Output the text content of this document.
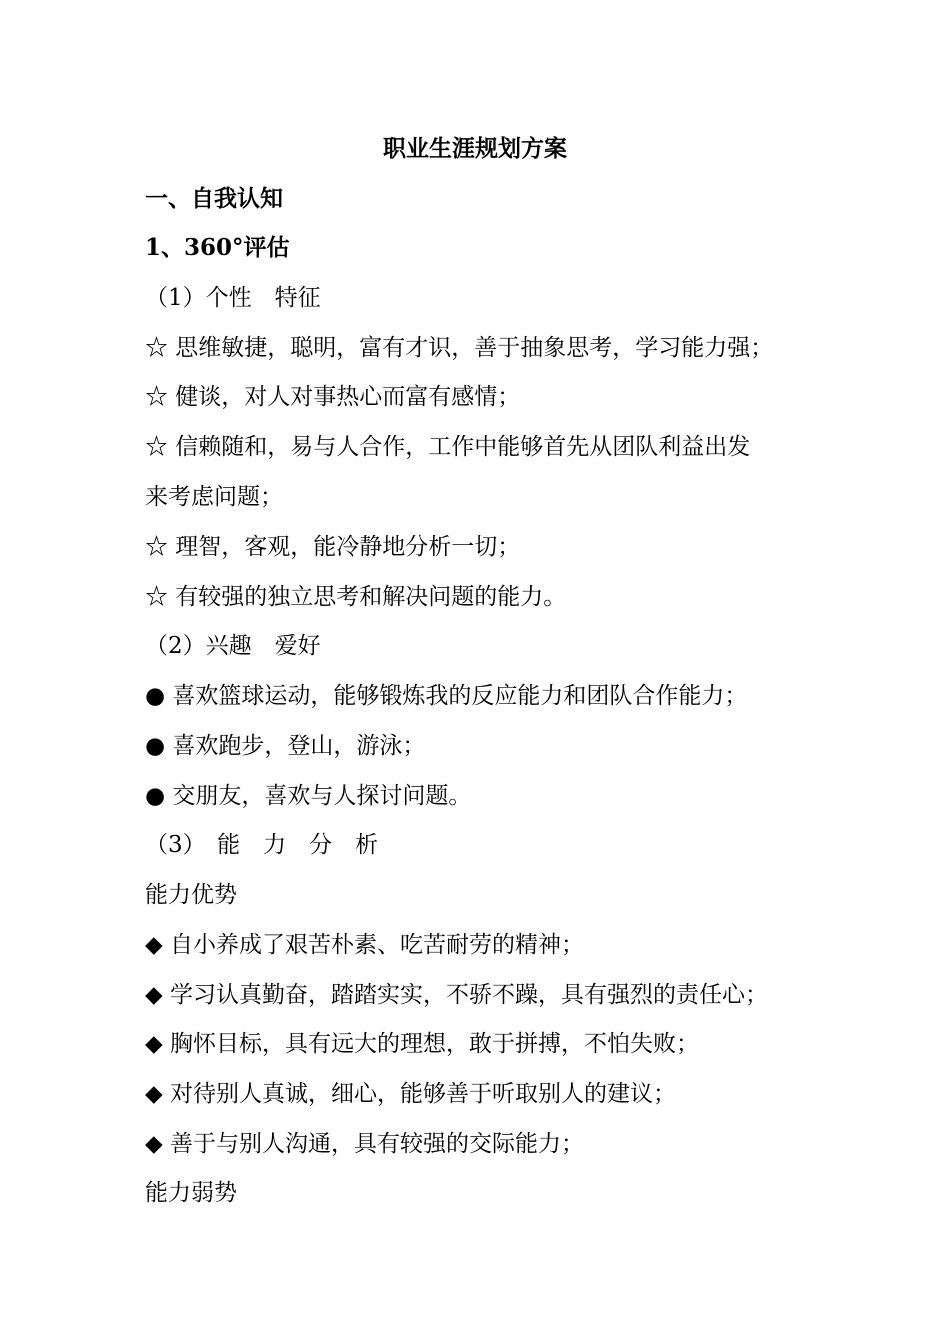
职业生涯规划方案
一、自我认知
1、360°评估
（1）个性　特征
☆ 思维敏捷，聪明，富有才识，善于抽象思考，学习能力强；
☆ 健谈，对人对事热心而富有感情；
☆ 信赖随和，易与人合作，工作中能够首先从团队利益出发
来考虑问题；
☆ 理智，客观，能冷静地分析一切；
☆ 有较强的独立思考和解决问题的能力。
（2）兴趣　爱好
● 喜欢篮球运动，能够锻炼我的反应能力和团队合作能力；
● 喜欢跑步，登山，游泳；
● 交朋友，喜欢与人探讨问题。
（3）　能　力　分　析
能力优势
◆ 自小养成了艰苦朴素、吃苦耐劳的精神；
◆ 学习认真勤奋，踏踏实实，不骄不躁，具有强烈的责任心；
◆ 胸怀目标，具有远大的理想，敢于拼搏，不怕失败；
◆ 对待别人真诚，细心，能够善于听取别人的建议；
◆ 善于与别人沟通，具有较强的交际能力；
能力弱势
